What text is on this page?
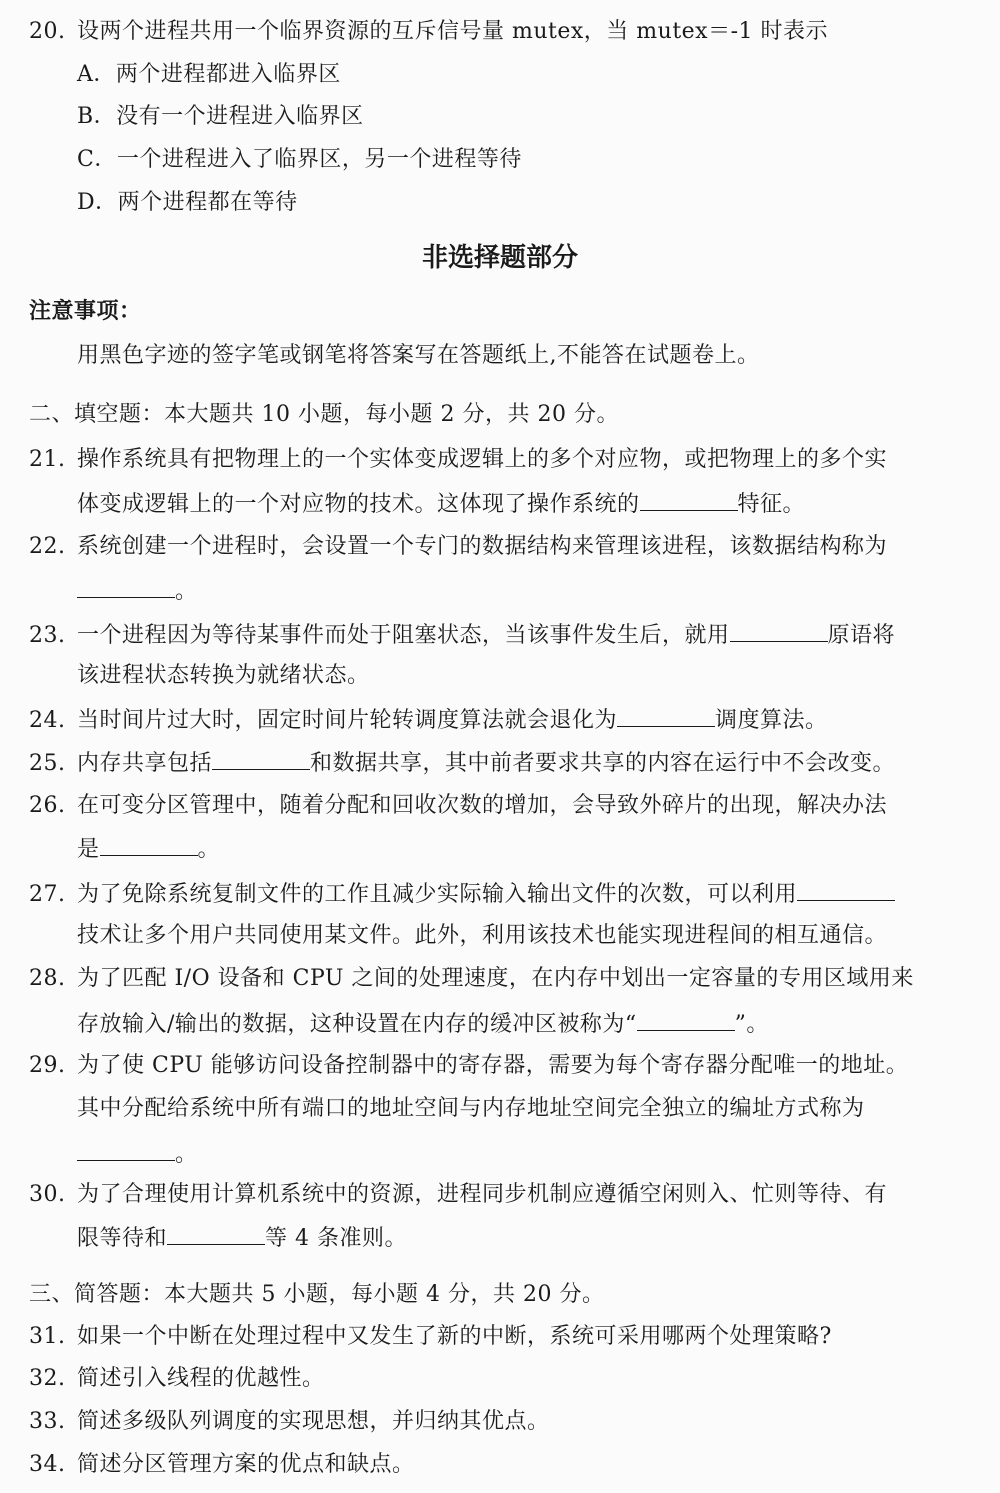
20. 设两个进程共用一个临界资源的互斥信号量 mutex，当 mutex＝-1 时表示
A．两个进程都进入临界区
B．没有一个进程进入临界区
C．一个进程进入了临界区，另一个进程等待
D．两个进程都在等待
非选择题部分
注意事项：
用黑色字迹的签字笔或钢笔将答案写在答题纸上,不能答在试题卷上。
二、填空题：本大题共 10 小题，每小题 2 分，共 20 分。
21. 操作系统具有把物理上的一个实体变成逻辑上的多个对应物，或把物理上的多个实
体变成逻辑上的一个对应物的技术。这体现了操作系统的	特征。
22. 系统创建一个进程时，会设置一个专门的数据结构来管理该进程，该数据结构称为
。
23. 一个进程因为等待某事件而处于阻塞状态，当该事件发生后，就用	原语将
该进程状态转换为就绪状态。
24. 当时间片过大时，固定时间片轮转调度算法就会退化为	调度算法。
25. 内存共享包括	和数据共享，其中前者要求共享的内容在运行中不会改变。
26. 在可变分区管理中，随着分配和回收次数的增加，会导致外碎片的出现，解决办法
是	。
27. 为了免除系统复制文件的工作且减少实际输入输出文件的次数，可以利用
技术让多个用户共同使用某文件。此外，利用该技术也能实现进程间的相互通信。
28. 为了匹配 I/O 设备和 CPU 之间的处理速度，在内存中划出一定容量的专用区域用来
存放输入/输出的数据，这种设置在内存的缓冲区被称为“	”。
29. 为了使 CPU 能够访问设备控制器中的寄存器，需要为每个寄存器分配唯一的地址。
其中分配给系统中所有端口的地址空间与内存地址空间完全独立的编址方式称为
。
30. 为了合理使用计算机系统中的资源，进程同步机制应遵循空闲则入、忙则等待、有
限等待和	等 4 条准则。
三、简答题：本大题共 5 小题，每小题 4 分，共 20 分。
31. 如果一个中断在处理过程中又发生了新的中断，系统可采用哪两个处理策略?
32. 简述引入线程的优越性。
33. 简述多级队列调度的实现思想，并归纳其优点。
34. 简述分区管理方案的优点和缺点。
